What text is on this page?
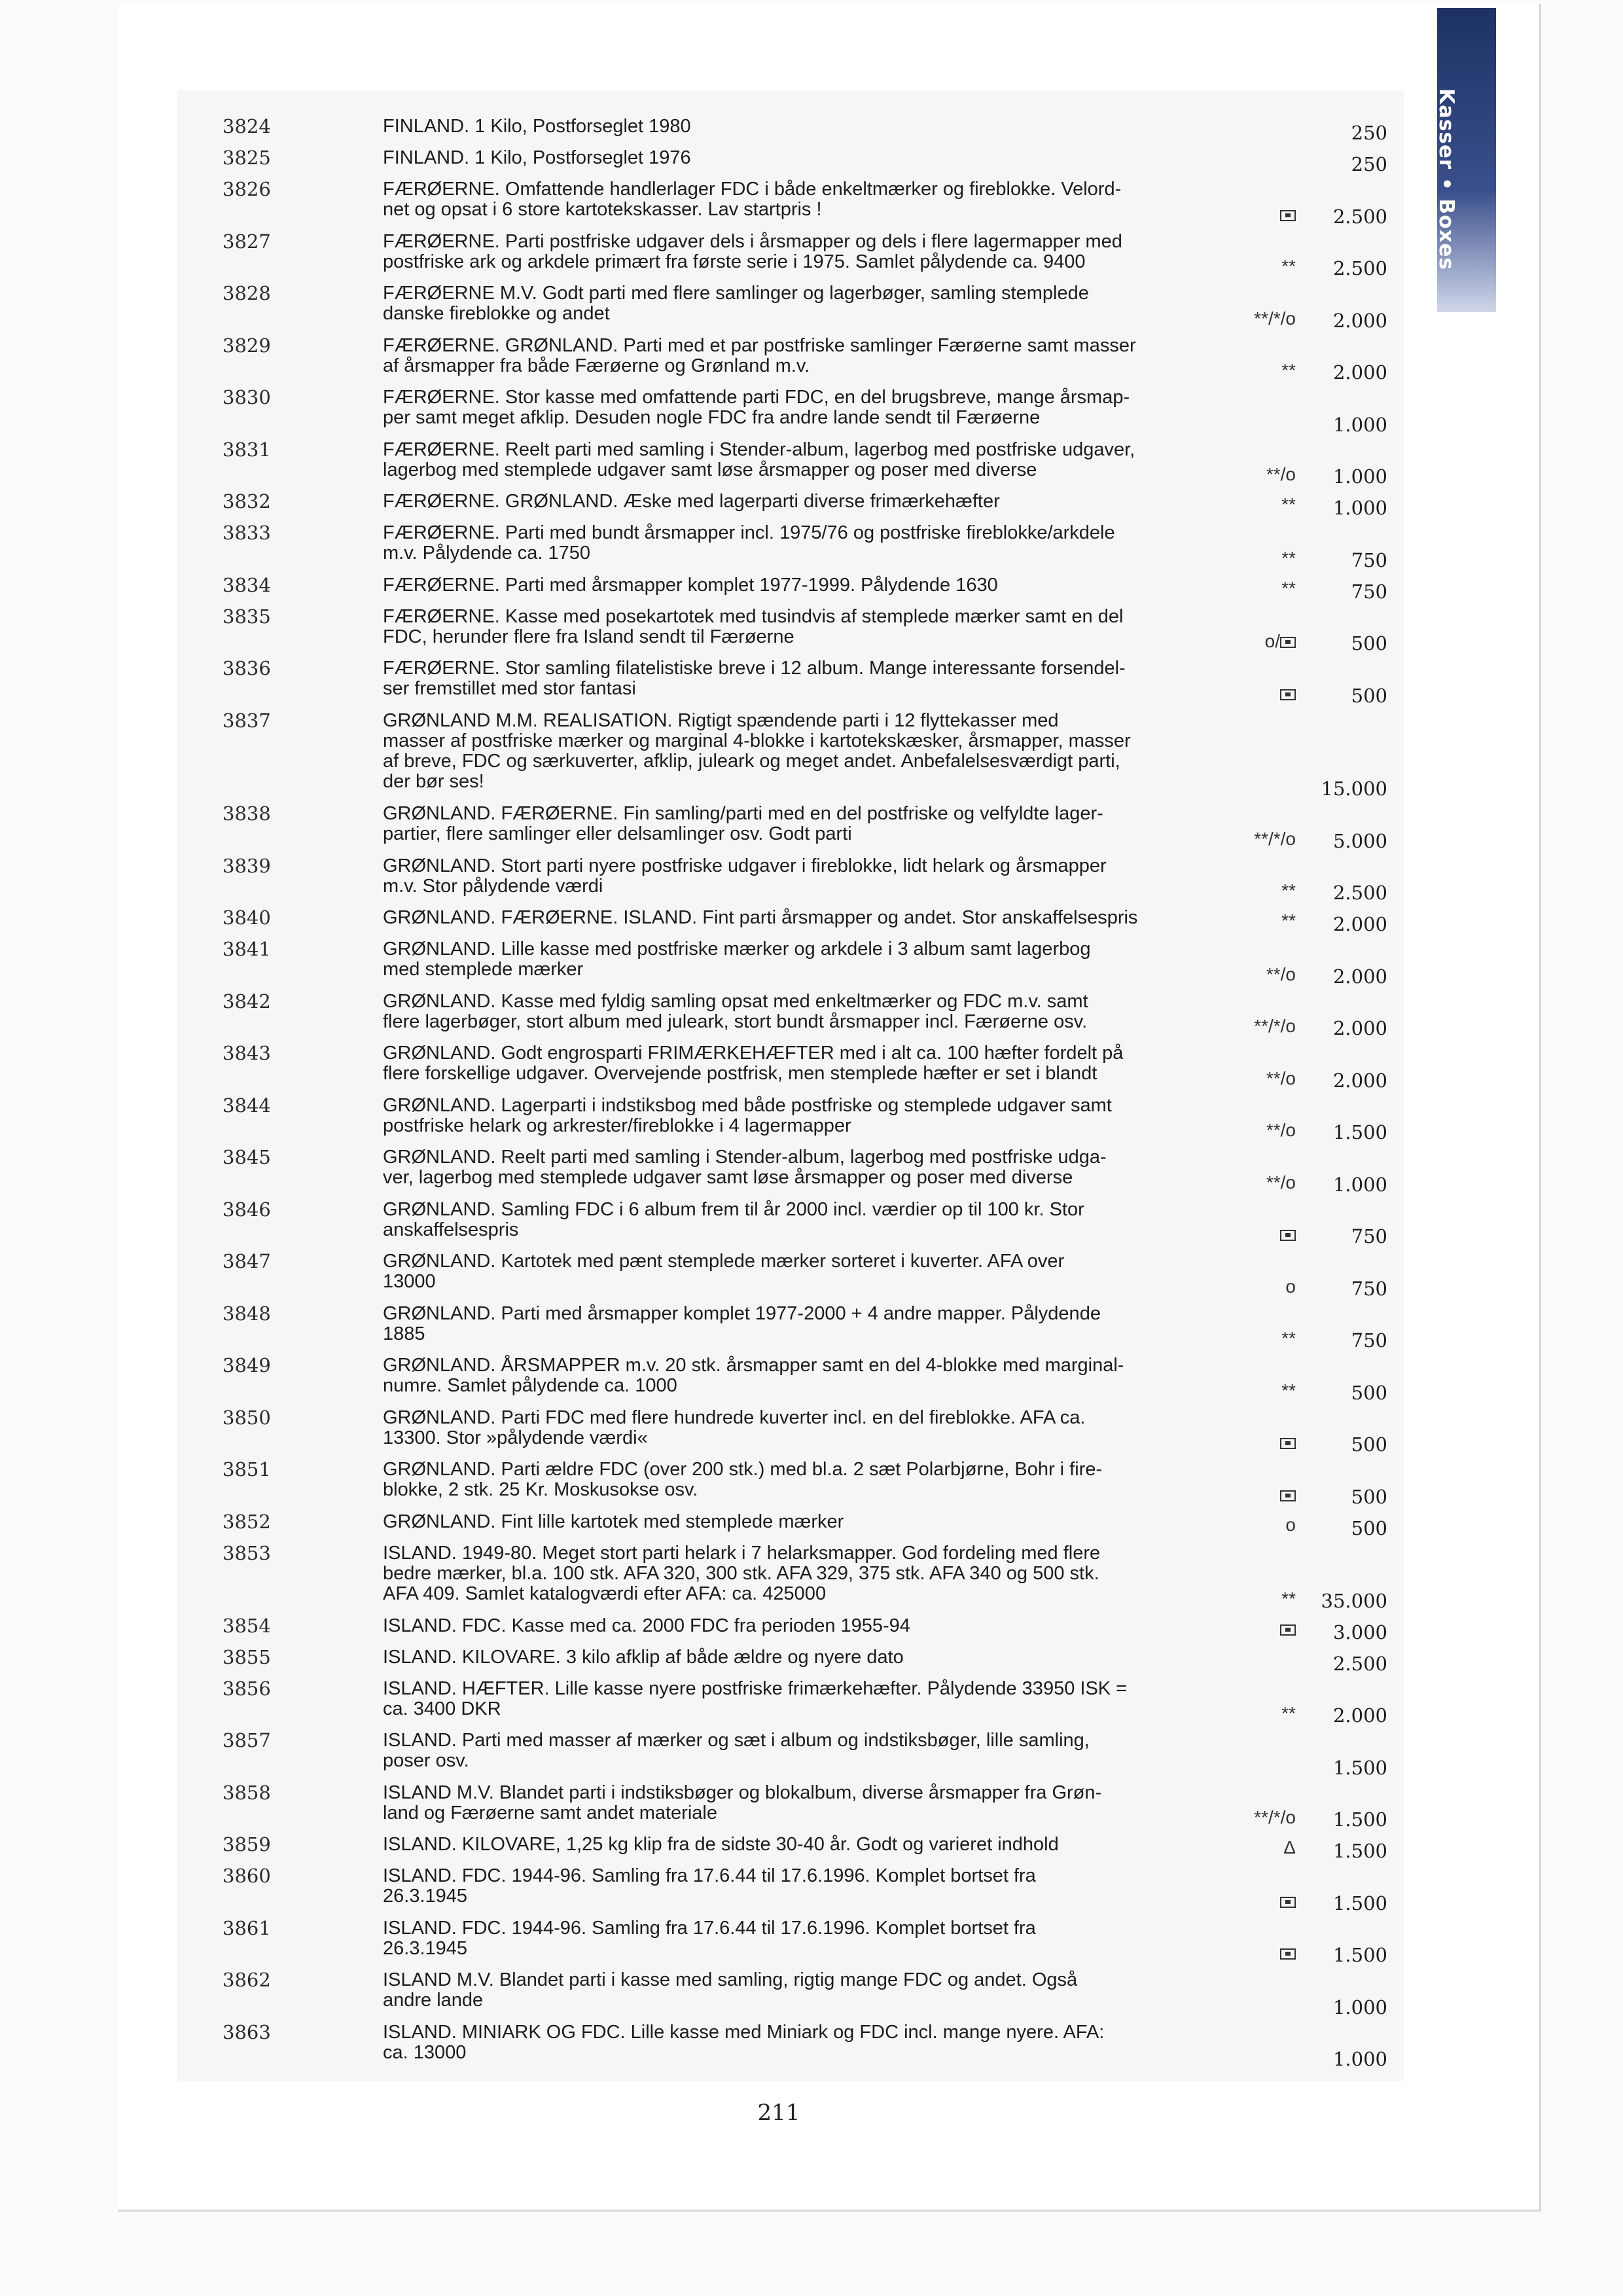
Kasser • Boxes
3824	FINLAND. 1 Kilo, Postforseglet 1980	250
3825	FINLAND. 1 Kilo, Postforseglet 1976	250
3826	FÆRØERNE. Omfattende handlerlager FDC i både enkeltmærker og fireblokke. Velord-
net og opsat i 6 store kartotekskasser. Lav startpris !	2.500
3827	FÆRØERNE. Parti postfriske udgaver dels i årsmapper og dels i flere lagermapper med
postfriske ark og arkdele primært fra første serie i 1975. Samlet pålydende ca. 9400	** 2.500
3828	FÆRØERNE M.V. Godt parti med flere samlinger og lagerbøger, samling stemplede
danske fireblokke og andet	**/*/o 2.000
3829	FÆRØERNE. GRØNLAND. Parti med et par postfriske samlinger Færøerne samt masser
af årsmapper fra både Færøerne og Grønland m.v.	** 2.000
3830	FÆRØERNE. Stor kasse med omfattende parti FDC, en del brugsbreve, mange årsmap-
per samt meget afklip. Desuden nogle FDC fra andre lande sendt til Færøerne	1.000
3831	FÆRØERNE. Reelt parti med samling i Stender-album, lagerbog med postfriske udgaver,
lagerbog med stemplede udgaver samt løse årsmapper og poser med diverse	**/o 1.000
3832	FÆRØERNE. GRØNLAND. Æske med lagerparti diverse frimærkehæfter	** 1.000
3833	FÆRØERNE. Parti med bundt årsmapper incl. 1975/76 og postfriske fireblokke/arkdele
m.v. Pålydende ca. 1750	**	750
3834	FÆRØERNE. Parti med årsmapper komplet 1977-1999. Pålydende 1630	**	750
3835	FÆRØERNE. Kasse med posekartotek med tusindvis af stemplede mærker samt en del
FDC, herunder flere fra Island sendt til Færøerne	o/	500
3836	FÆRØERNE. Stor samling filatelistiske breve i 12 album. Mange interessante forsendel-
ser fremstillet med stor fantasi	500
3837	GRØNLAND M.M. REALISATION. Rigtigt spændende parti i 12 flyttekasser med
masser af postfriske mærker og marginal 4-blokke i kartotekskæsker, årsmapper, masser
af breve, FDC og særkuverter, afklip, juleark og meget andet. Anbefalelsesværdigt parti,
der bør ses!	15.000
3838	GRØNLAND. FÆRØERNE. Fin samling/parti med en del postfriske og velfyldte lager-
partier, flere samlinger eller delsamlinger osv. Godt parti	**/*/o 5.000
3839	GRØNLAND. Stort parti nyere postfriske udgaver i fireblokke, lidt helark og årsmapper
m.v. Stor pålydende værdi	** 2.500
3840	GRØNLAND. FÆRØERNE. ISLAND. Fint parti årsmapper og andet. Stor anskaffelsespris	** 2.000
3841	GRØNLAND. Lille kasse med postfriske mærker og arkdele i 3 album samt lagerbog
med stemplede mærker	**/o 2.000
3842	GRØNLAND. Kasse med fyldig samling opsat med enkeltmærker og FDC m.v. samt
flere lagerbøger, stort album med juleark, stort bundt årsmapper incl. Færøerne osv.	**/*/o 2.000
3843	GRØNLAND. Godt engrosparti FRIMÆRKEHÆFTER med i alt ca. 100 hæfter fordelt på
flere forskellige udgaver. Overvejende postfrisk, men stemplede hæfter er set i blandt	**/o 2.000
3844	GRØNLAND. Lagerparti i indstiksbog med både postfriske og stemplede udgaver samt
postfriske helark og arkrester/fireblokke i 4 lagermapper	**/o 1.500
3845	GRØNLAND. Reelt parti med samling i Stender-album, lagerbog med postfriske udga-
ver, lagerbog med stemplede udgaver samt løse årsmapper og poser med diverse	**/o 1.000
3846	GRØNLAND. Samling FDC i 6 album frem til år 2000 incl. værdier op til 100 kr. Stor
anskaffelsespris	750
3847	GRØNLAND. Kartotek med pænt stemplede mærker sorteret i kuverter. AFA over
13000	o	750
3848	GRØNLAND. Parti med årsmapper komplet 1977-2000 + 4 andre mapper. Pålydende
1885	**	750
3849	GRØNLAND. ÅRSMAPPER m.v. 20 stk. årsmapper samt en del 4-blokke med marginal-
numre. Samlet pålydende ca. 1000	**	500
3850	GRØNLAND. Parti FDC med flere hundrede kuverter incl. en del fireblokke. AFA ca.
13300. Stor »pålydende værdi«	500
3851	GRØNLAND. Parti ældre FDC (over 200 stk.) med bl.a. 2 sæt Polarbjørne, Bohr i fire-
blokke, 2 stk. 25 Kr. Moskusokse osv.	500
3852	GRØNLAND. Fint lille kartotek med stemplede mærker	o	500
3853	ISLAND. 1949-80. Meget stort parti helark i 7 helarksmapper. God fordeling med flere
bedre mærker, bl.a. 100 stk. AFA 320, 300 stk. AFA 329, 375 stk. AFA 340 og 500 stk.
AFA 409. Samlet katalogværdi efter AFA: ca. 425000	** 35.000
3854	ISLAND. FDC. Kasse med ca. 2000 FDC fra perioden 1955-94	3.000
3855	ISLAND. KILOVARE. 3 kilo afklip af både ældre og nyere dato	2.500
3856	ISLAND. HÆFTER. Lille kasse nyere postfriske frimærkehæfter. Pålydende 33950 ISK =
ca. 3400 DKR	** 2.000
3857	ISLAND. Parti med masser af mærker og sæt i album og indstiksbøger, lille samling,
poser osv.	1.500
3858	ISLAND M.V. Blandet parti i indstiksbøger og blokalbum, diverse årsmapper fra Grøn-
land og Færøerne samt andet materiale	**/*/o 1.500
3859	ISLAND. KILOVARE, 1,25 kg klip fra de sidste 30-40 år. Godt og varieret indhold	Δ 1.500
3860	ISLAND. FDC. 1944-96. Samling fra 17.6.44 til 17.6.1996. Komplet bortset fra
26.3.1945	1.500
3861	ISLAND. FDC. 1944-96. Samling fra 17.6.44 til 17.6.1996. Komplet bortset fra
26.3.1945	1.500
3862	ISLAND M.V. Blandet parti i kasse med samling, rigtig mange FDC og andet. Også
andre lande	1.000
3863	ISLAND. MINIARK OG FDC. Lille kasse med Miniark og FDC incl. mange nyere. AFA:
ca. 13000	1.000
211
